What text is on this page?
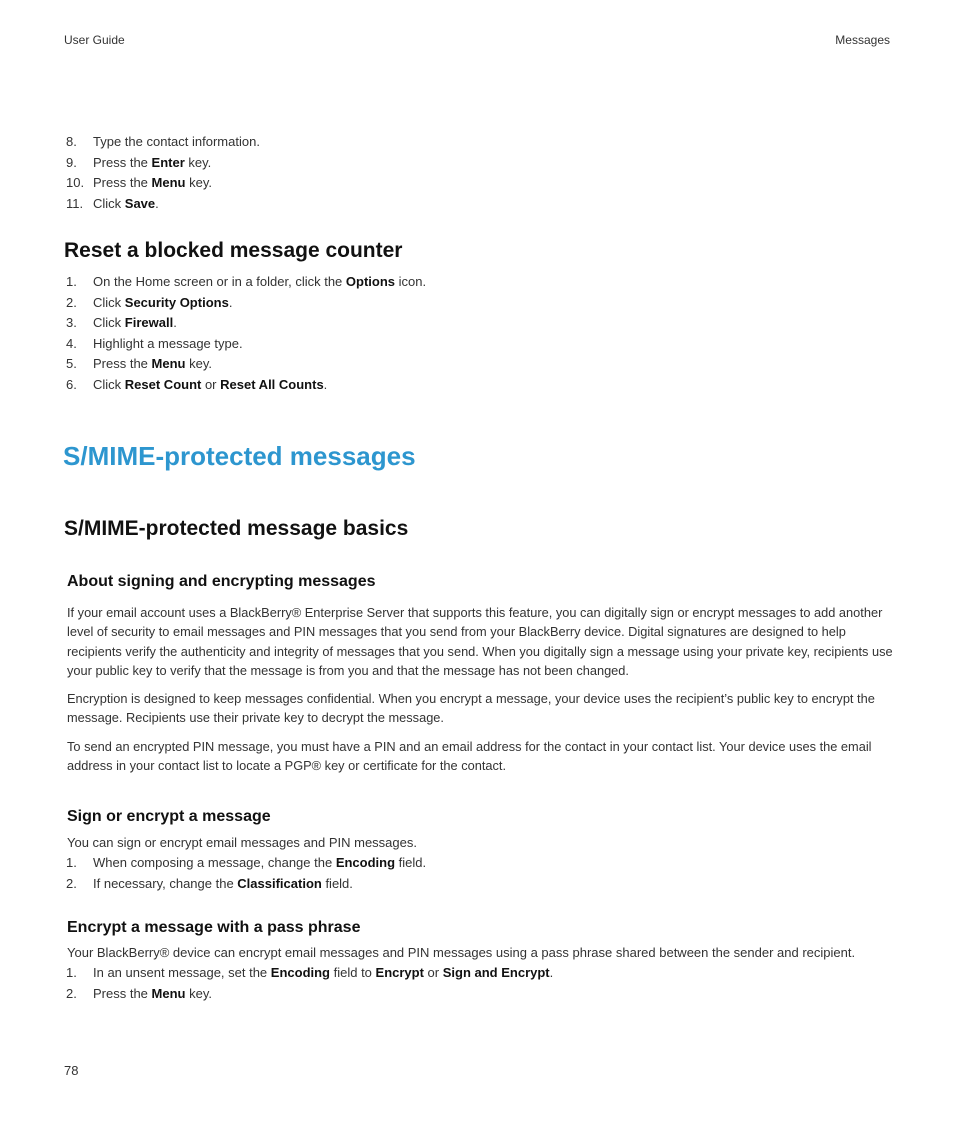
User Guide	Messages
8.	Type the contact information.
9.	Press the Enter key.
10. Press the Menu key.
11. Click Save.
Reset a blocked message counter
1.	On the Home screen or in a folder, click the Options icon.
2.	Click Security Options.
3.	Click Firewall.
4.	Highlight a message type.
5.	Press the Menu key.
6.	Click Reset Count or Reset All Counts.
S/MIME-protected messages
S/MIME-protected message basics
About signing and encrypting messages

If your email account uses a BlackBerry® Enterprise Server that supports this feature, you can digitally sign or encrypt messages to add another level of security to email messages and PIN messages that you send from your BlackBerry device. Digital signatures are designed to help recipients verify the authenticity and integrity of messages that you send. When you digitally sign a message using your private key, recipients use your public key to verify that the message is from you and that the message has not been changed.

Encryption is designed to keep messages confidential. When you encrypt a message, your device uses the recipient’s public key to encrypt the message. Recipients use their private key to decrypt the message.

To send an encrypted PIN message, you must have a PIN and an email address for the contact in your contact list. Your device uses the email address in your contact list to locate a PGP® key or certificate for the contact.

Sign or encrypt a message

You can sign or encrypt email messages and PIN messages.

1.	When composing a message, change the Encoding field.
2.	If necessary, change the Classification field.
Encrypt a message with a pass phrase

Your BlackBerry® device can encrypt email messages and PIN messages using a pass phrase shared between the sender and recipient.

1.	In an unsent message, set the Encoding field to Encrypt or Sign and Encrypt.
2.	Press the Menu key.
78
